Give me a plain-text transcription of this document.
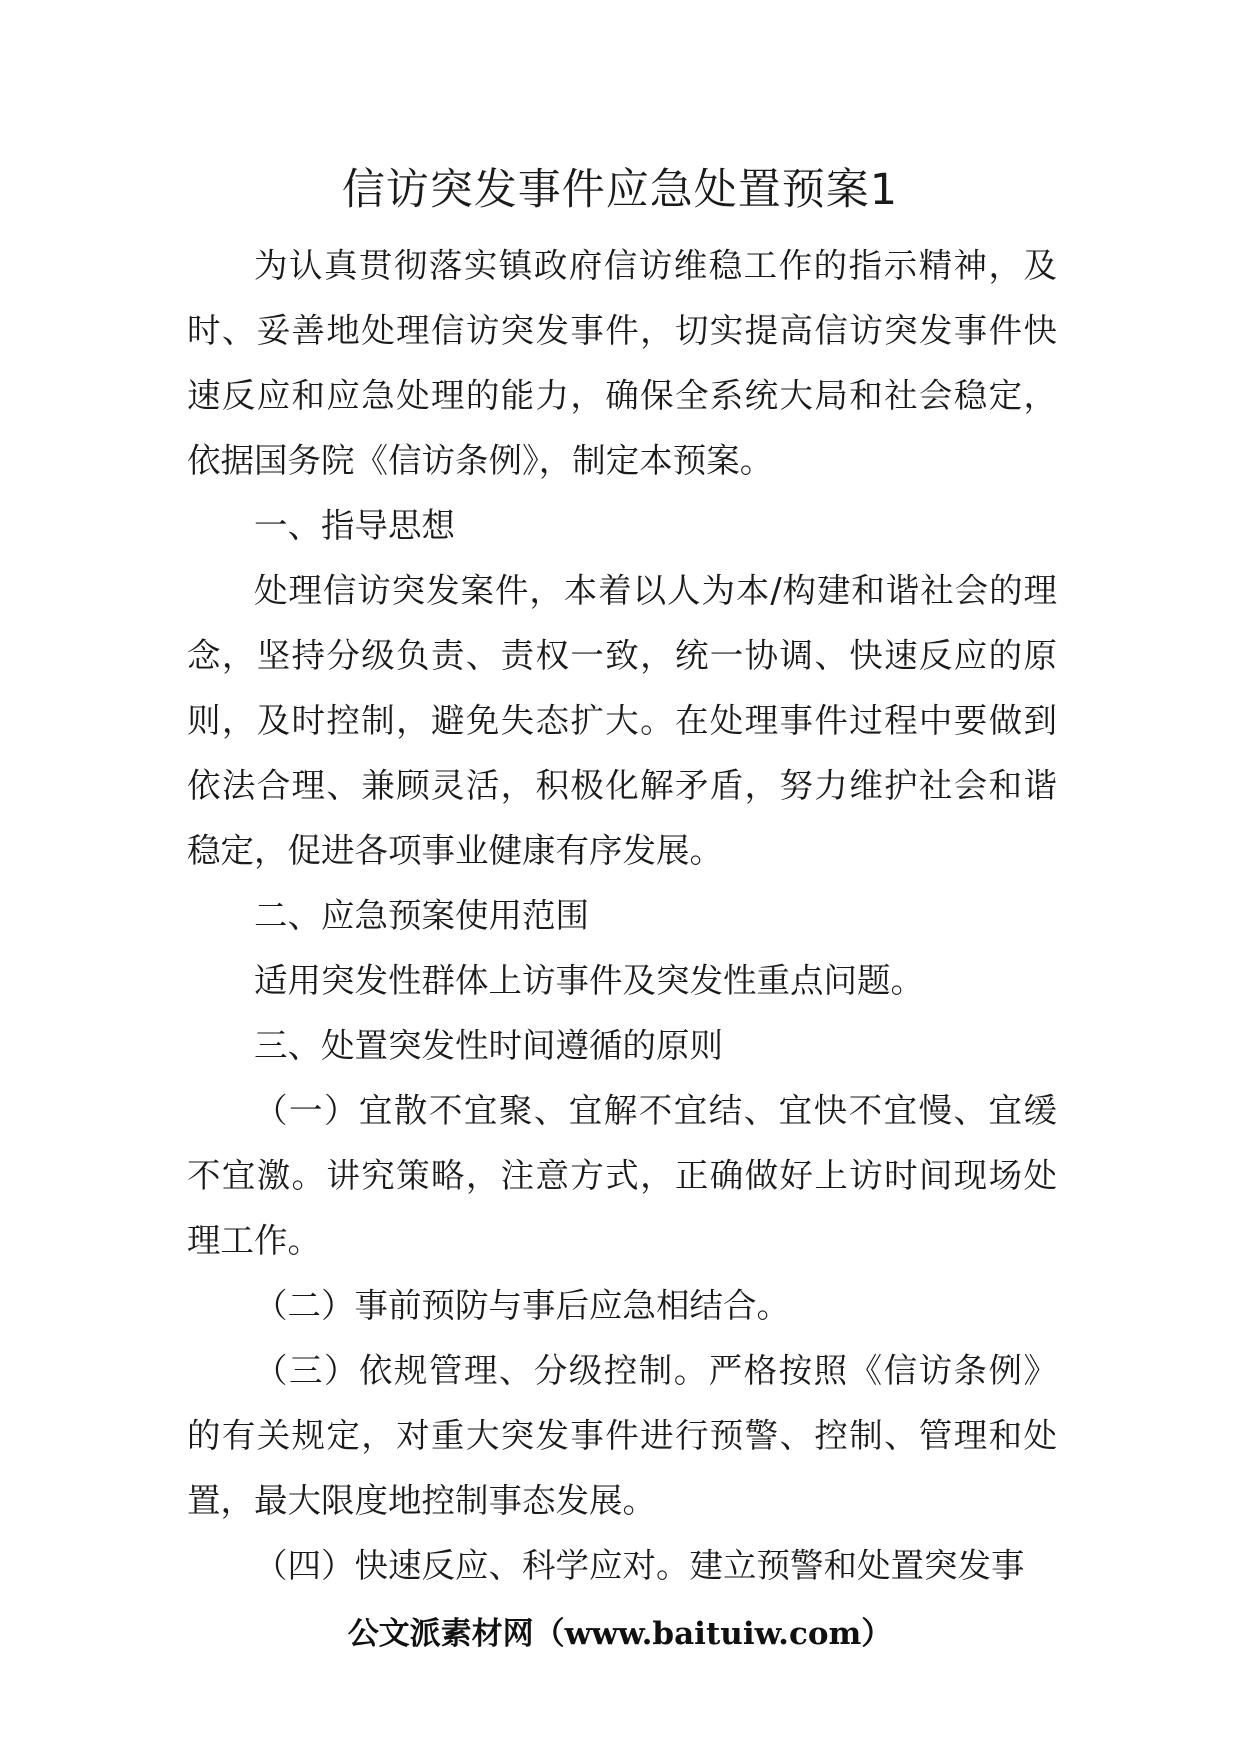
信访突发事件应急处置预案1

为认真贯彻落实镇政府信访维稳工作的指示精神，及时、妥善地处理信访突发事件，切实提高信访突发事件快速反应和应急处理的能力，确保全系统大局和社会稳定，依据国务院《信访条例》，制定本预案。

一、指导思想

处理信访突发案件，本着以人为本/构建和谐社会的理念，坚持分级负责、责权一致，统一协调、快速反应的原则，及时控制，避免失态扩大。在处理事件过程中要做到依法合理、兼顾灵活，积极化解矛盾，努力维护社会和谐稳定，促进各项事业健康有序发展。

二、应急预案使用范围

适用突发性群体上访事件及突发性重点问题。

三、处置突发性时间遵循的原则

（一）宜散不宜聚、宜解不宜结、宜快不宜慢、宜缓不宜激。讲究策略，注意方式，正确做好上访时间现场处理工作。

（二）事前预防与事后应急相结合。

（三）依规管理、分级控制。严格按照《信访条例》的有关规定，对重大突发事件进行预警、控制、管理和处置，最大限度地控制事态发展。

（四）快速反应、科学应对。建立预警和处置突发事

公文派素材网（www.baituiw.com）
